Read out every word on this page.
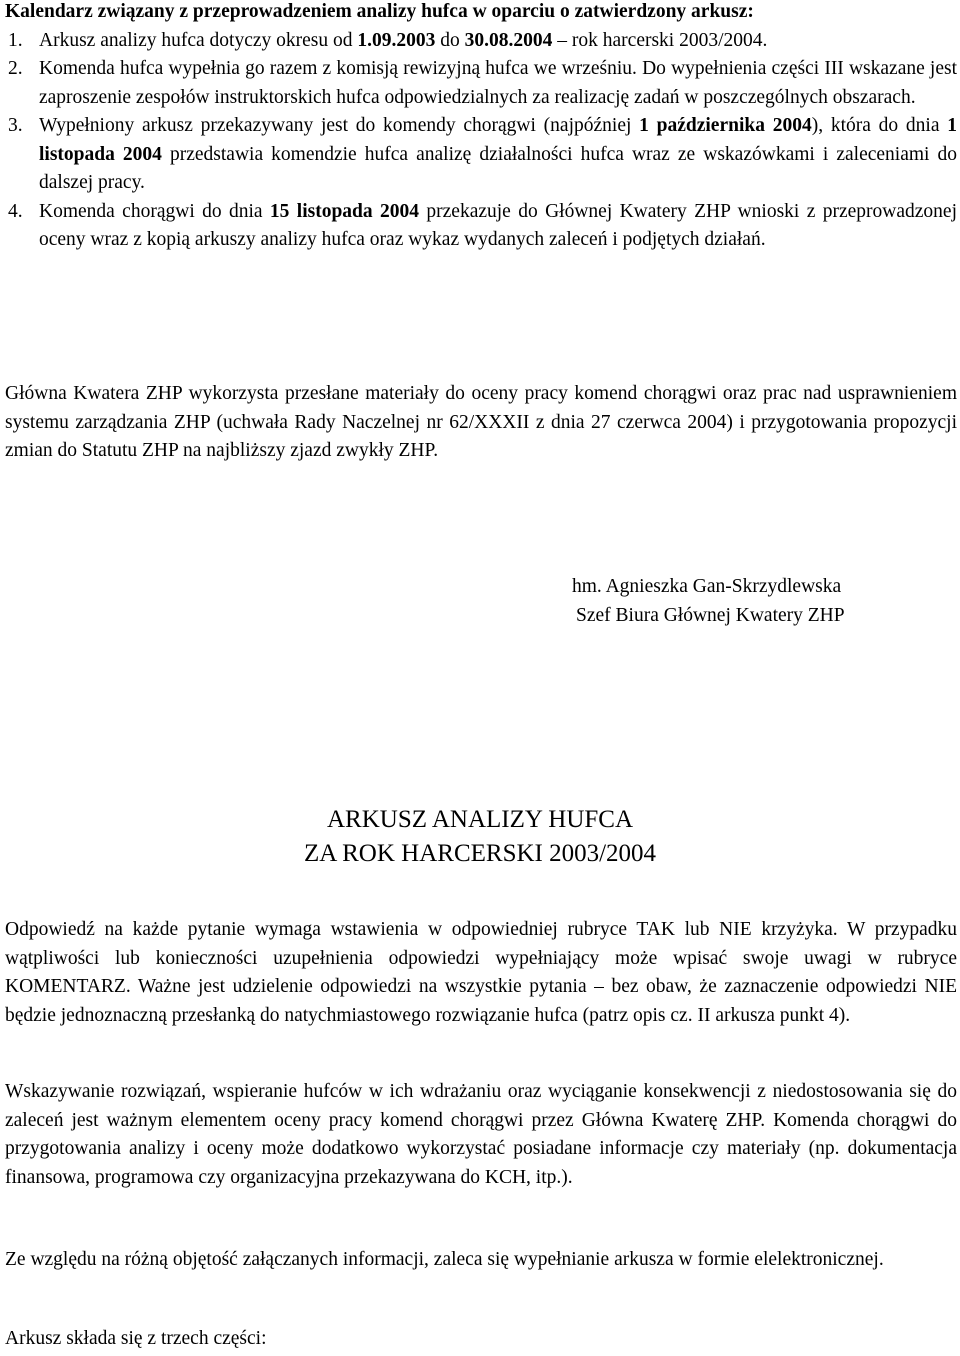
Kalendarz związany z przeprowadzeniem analizy hufca w oparciu o zatwierdzony arkusz:

1. Arkusz analizy hufca dotyczy okresu od 1.09.2003 do 30.08.2004 – rok harcerski 2003/2004.
2. Komenda hufca wypełnia go razem z komisją rewizyjną hufca we wrześniu. Do wypełnienia części III wskazane jest zaproszenie zespołów instruktorskich hufca odpowiedzialnych za realizację zadań w poszczególnych obszarach.
3. Wypełniony arkusz przekazywany jest do komendy chorągwi (najpóźniej 1 października 2004), która do dnia 1 listopada 2004 przedstawia komendzie hufca analizę działalności hufca wraz ze wskazówkami i zaleceniami do dalszej pracy.
4. Komenda chorągwi do dnia 15 listopada 2004 przekazuje do Głównej Kwatery ZHP wnioski z przeprowadzonej oceny wraz z kopią arkuszy analizy hufca oraz wykaz wydanych zaleceń i podjętych działań.

Główna Kwatera ZHP wykorzysta przesłane materiały do oceny pracy komend chorągwi oraz prac nad usprawnieniem systemu zarządzania ZHP (uchwała Rady Naczelnej nr 62/XXXII z dnia 27 czerwca 2004) i przygotowania propozycji zmian do Statutu ZHP na najbliższy zjazd zwykły ZHP.

hm. Agnieszka Gan-Skrzydlewska
Szef Biura Głównej Kwatery ZHP
ARKUSZ ANALIZY HUFCA
ZA ROK HARCERSKI 2003/2004

Odpowiedź na każde pytanie wymaga wstawienia w odpowiedniej rubryce TAK lub NIE krzyżyka. W przypadku wątpliwości lub konieczności uzupełnienia odpowiedzi wypełniający może wpisać swoje uwagi w rubryce KOMENTARZ. Ważne jest udzielenie odpowiedzi na wszystkie pytania – bez obaw, że zaznaczenie odpowiedzi NIE będzie jednoznaczną przesłanką do natychmiastowego rozwiązanie hufca (patrz opis cz. II arkusza punkt 4).

Wskazywanie rozwiązań, wspieranie hufców w ich wdrażaniu oraz wyciąganie konsekwencji z niedostosowania się do zaleceń jest ważnym elementem oceny pracy komend chorągwi przez Główna Kwaterę ZHP. Komenda chorągwi do przygotowania analizy i oceny może dodatkowo wykorzystać posiadane informacje czy materiały (np. dokumentacja finansowa, programowa czy organizacyjna przekazywana do KCH, itp.).

Ze względu na różną objętość załączanych informacji, zaleca się wypełnianie arkusza w formie elelektronicznej.

Arkusz składa się z trzech części:
